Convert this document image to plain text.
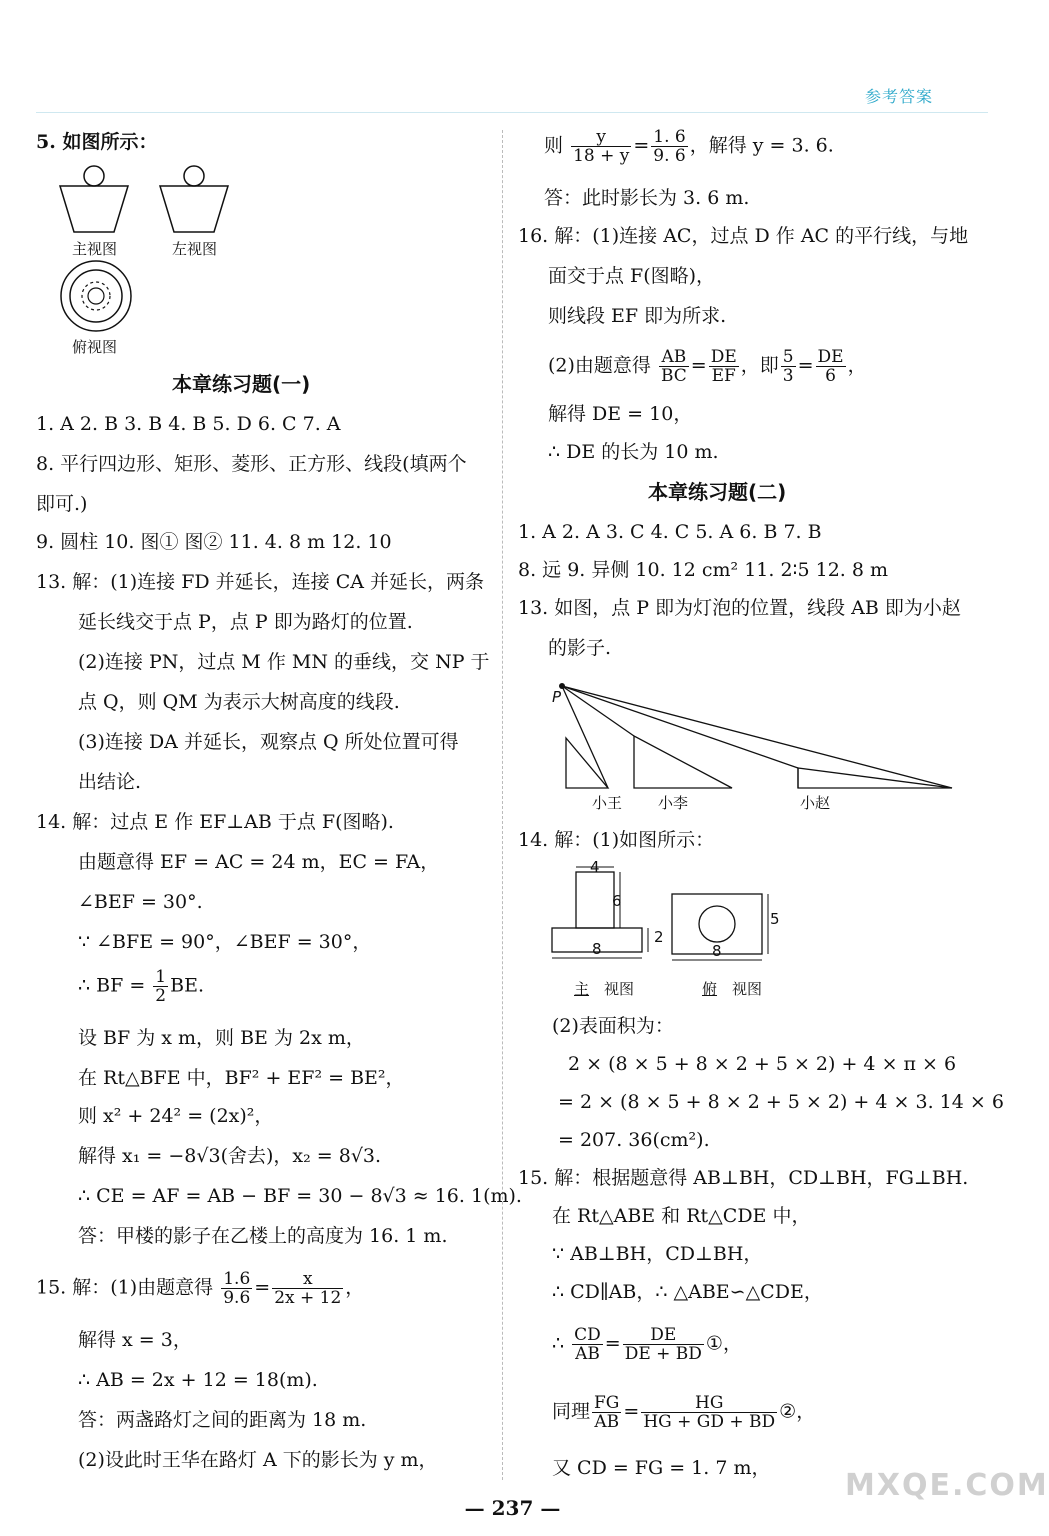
参考答案
5. 如图所示：
主视图	左视图
俯视图
本章练习题(一)
1. A 2. B 3. B 4. B 5. D 6. C 7. A
8. 平行四边形、矩形、菱形、正方形、线段(填两个
即可.)
9. 圆柱 10. 图① 图② 11. 4. 8 m 12. 10
13. 解：(1)连接 FD 并延长，连接 CA 并延长，两条
延长线交于点 P，点 P 即为路灯的位置.
(2)连接 PN，过点 M 作 MN 的垂线，交 NP 于
点 Q，则 QM 为表示大树高度的线段.
(3)连接 DA 并延长，观察点 Q 所处位置可得
出结论.
14. 解：过点 E 作 EF⊥AB 于点 F(图略).
由题意得 EF = AC = 24 m，EC = FA，
∠BEF = 30°.
∵ ∠BFE = 90°，∠BEF = 30°，
∴ BF = $\frac{1}{2}$ BE.
设 BF 为 x m，则 BE 为 2x m，
在 Rt△BFE 中，BF² + EF² = BE²，
则 x² + 24² = (2x)²，
解得 x₁ = −8√3(舍去)，x₂ = 8√3.
∴ CE = AF = AB − BF = 30 − 8√3 ≈ 16. 1(m).
答：甲楼的影子在乙楼上的高度为 16. 1 m.
15. 解：(1)由题意得 $\frac{1.6}{9.6} = \frac{x}{2x + 12}$ ，
解得 x = 3，
∴ AB = 2x + 12 = 18(m).
答：两盏路灯之间的距离为 18 m.
(2)设此时王华在路灯 A 下的影长为 y m，
则 $\frac{y}{18 + y} = \frac{1. 6}{9. 6}$ ，解得 y = 3. 6.
答：此时影长为 3. 6 m.
16. 解：(1)连接 AC，过点 D 作 AC 的平行线，与地
面交于点 F(图略)，
则线段 EF 即为所求.
(2)由题意得 $\frac{AB}{BC} = \frac{DE}{EF}$ ，即 $\frac{5}{3} = \frac{DE}{6}$ ，
解得 DE = 10，
∴ DE 的长为 10 m.
本章练习题(二)
1. A 2. A 3. C 4. C 5. A 6. B 7. B
8. 远 9. 异侧 10. 12 cm² 11. 2∶5 12. 8 m
13. 如图，点 P 即为灯泡的位置，线段 AB 即为小赵
的影子.
P
小王 小李	小赵
14. 解：(1)如图所示：
4
6
2
8
5
8
主 视图	俯 视图
(2)表面积为：
2 × (8 × 5 + 8 × 2 + 5 × 2) + 4 × π × 6
= 2 × (8 × 5 + 8 × 2 + 5 × 2) + 4 × 3. 14 × 6
= 207. 36(cm²).
15. 解：根据题意得 AB⊥BH，CD⊥BH，FG⊥BH.
在 Rt△ABE 和 Rt△CDE 中，
∵ AB⊥BH，CD⊥BH，
∴ CD∥AB，∴ △ABE∽△CDE，
∴ $\frac{CD}{AB} = \frac{DE}{DE + BD}$ ①，
同理 $\frac{FG}{AB} = \frac{HG}{HG + GD + BD}$ ②，
又 CD = FG = 1. 7 m，
— 237 —
MXQE.COM
